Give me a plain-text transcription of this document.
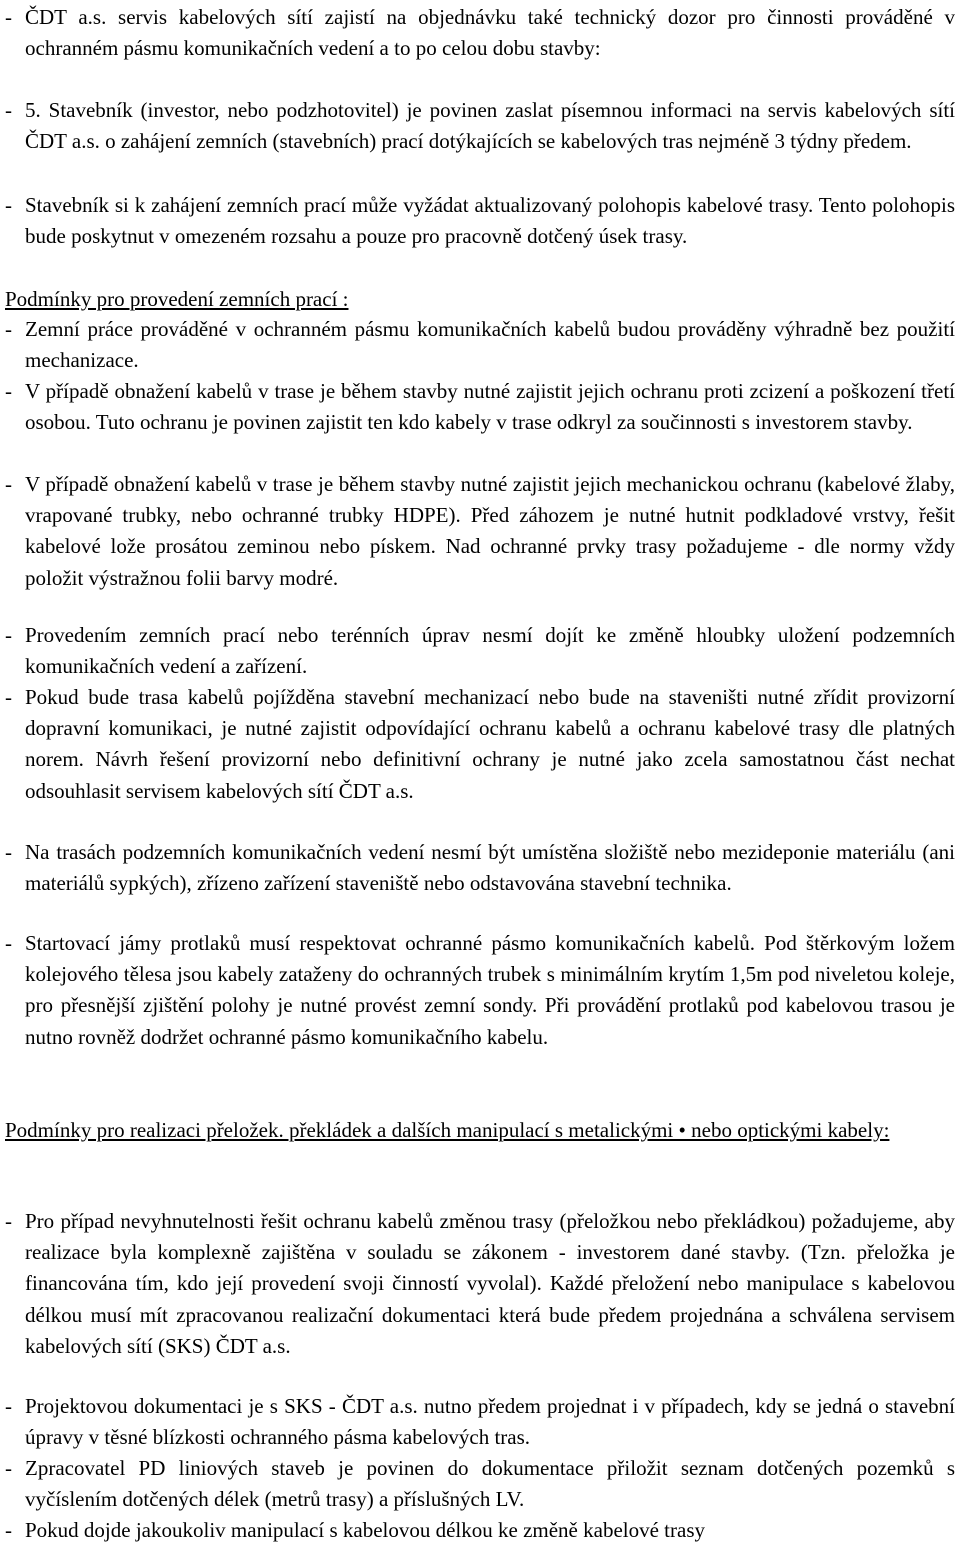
- ČDT a.s. servis kabelových sítí zajistí na objednávku také technický dozor pro činnosti prováděné v ochranném pásmu komunikačních vedení a to po celou dobu stavby:
- 5. Stavebník (investor, nebo podzhotovitel) je povinen zaslat písemnou informaci na servis kabelových sítí ČDT a.s. o zahájení zemních (stavebních) prací dotýkajících se kabelových tras nejméně 3 týdny předem.
- Stavebník si k zahájení zemních prací může vyžádat aktualizovaný polohopis kabelové trasy. Tento polohopis bude poskytnut v omezeném rozsahu a pouze pro pracovně dotčený úsek trasy.
Podmínky pro provedení zemních prací :
- Zemní práce prováděné v ochranném pásmu komunikačních kabelů budou prováděny výhradně bez použití mechanizace.
- V případě obnažení kabelů v trase je během stavby nutné zajistit jejich ochranu proti zcizení a poškození třetí osobou. Tuto ochranu je povinen zajistit ten kdo kabely v trase odkryl za součinnosti s investorem stavby.
- V případě obnažení kabelů v trase je během stavby nutné zajistit jejich mechanickou ochranu (kabelové žlaby, vrapované trubky, nebo ochranné trubky HDPE). Před záhozem je nutné hutnit podkladové vrstvy, řešit kabelové lože prosátou zeminou nebo pískem. Nad ochranné prvky trasy požadujeme - dle normy vždy položit výstražnou folii barvy modré.
- Provedením zemních prací nebo terénních úprav nesmí dojít ke změně hloubky uložení podzemních komunikačních vedení a zařízení.
- Pokud bude trasa kabelů pojížděna stavební mechanizací nebo bude na staveništi nutné zřídit provizorní dopravní komunikaci, je nutné zajistit odpovídající ochranu kabelů a ochranu kabelové trasy dle platných norem. Návrh řešení provizorní nebo definitivní ochrany je nutné jako zcela samostatnou část nechat odsouhlasit servisem kabelových sítí ČDT a.s.
- Na trasách podzemních komunikačních vedení nesmí být umístěna složiště nebo mezideponie materiálu (ani materiálů sypkých), zřízeno zařízení staveniště nebo odstavována stavební technika.
- Startovací jámy protlaků musí respektovat ochranné pásmo komunikačních kabelů. Pod štěrkovým ložem kolejového tělesa jsou kabely zataženy do ochranných trubek s minimálním krytím 1,5m pod niveletou koleje, pro přesnější zjištění polohy je nutné provést zemní sondy. Při provádění protlaků pod kabelovou trasou je nutno rovněž dodržet ochranné pásmo komunikačního kabelu.
Podmínky pro realizaci přeložek. překládek a dalších manipulací s metalickými • nebo optickými kabely:
- Pro případ nevyhnutelnosti řešit ochranu kabelů změnou trasy (přeložkou nebo překládkou) požadujeme, aby realizace byla komplexně zajištěna v souladu se zákonem - investorem dané stavby. (Tzn. přeložka je financována tím, kdo její provedení svoji činností vyvolal). Každé přeložení nebo manipulace s kabelovou délkou musí mít zpracovanou realizační dokumentaci která bude předem projednána a schválena servisem kabelových sítí (SKS) ČDT a.s.
- Projektovou dokumentaci je s SKS - ČDT a.s. nutno předem projednat i v případech, kdy se jedná o stavební úpravy v těsné blízkosti ochranného pásma kabelových tras.
- Zpracovatel PD liniových staveb je povinen do dokumentace přiložit seznam dotčených pozemků s vyčíslením dotčených délek (metrů trasy) a příslušných LV.
- Pokud dojde jakoukoliv manipulací s kabelovou délkou ke změně kabelové trasy
